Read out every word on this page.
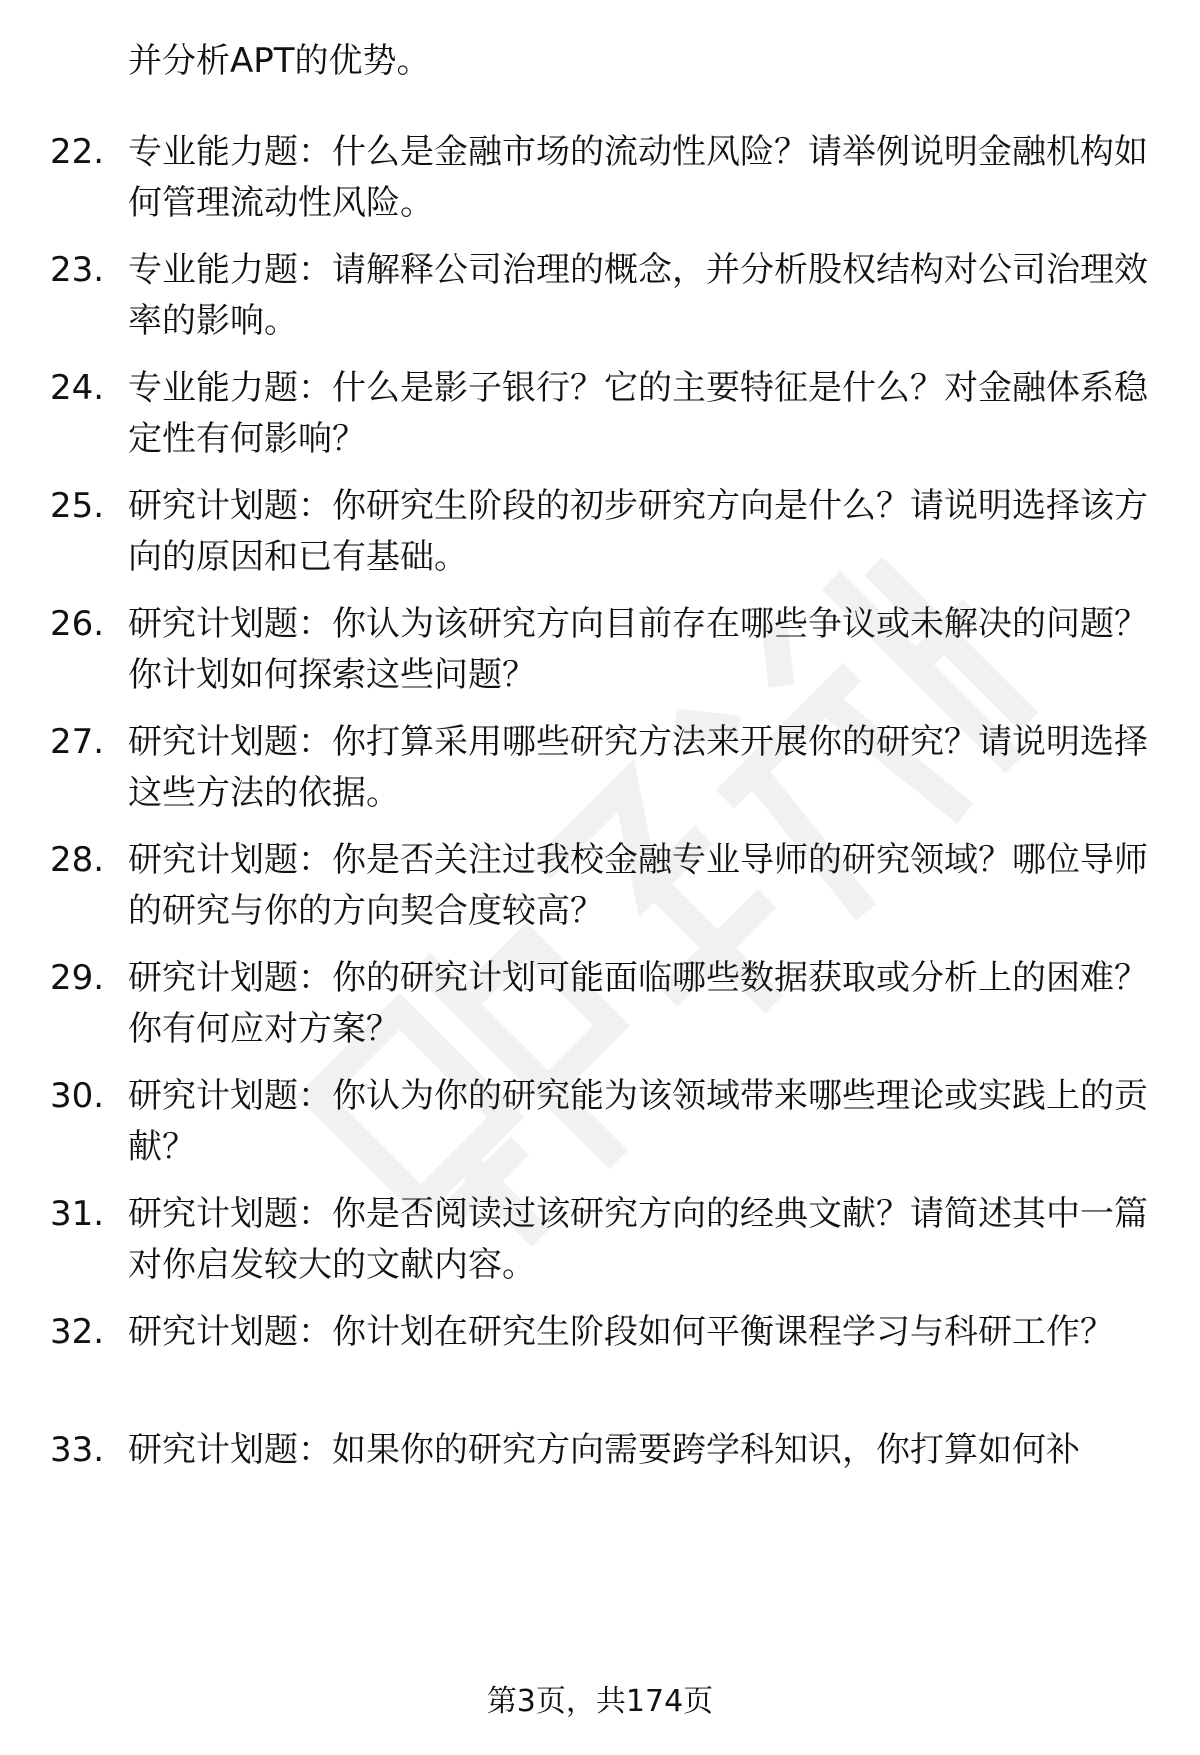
并分析APT的优势。
22. 专业能力题：什么是金融市场的流动性风险？请举例说明金融机构如何管理流动性风险。
23. 专业能力题：请解释公司治理的概念，并分析股权结构对公司治理效率的影响。
24. 专业能力题：什么是影子银行？它的主要特征是什么？对金融体系稳定性有何影响？
25. 研究计划题：你研究生阶段的初步研究方向是什么？请说明选择该方向的原因和已有基础。
26. 研究计划题：你认为该研究方向目前存在哪些争议或未解决的问题？你计划如何探索这些问题？
27. 研究计划题：你打算采用哪些研究方法来开展你的研究？请说明选择这些方法的依据。
28. 研究计划题：你是否关注过我校金融专业导师的研究领域？哪位导师的研究与你的方向契合度较高？
29. 研究计划题：你的研究计划可能面临哪些数据获取或分析上的困难？你有何应对方案？
30. 研究计划题：你认为你的研究能为该领域带来哪些理论或实践上的贡献？
31. 研究计划题：你是否阅读过该研究方向的经典文献？请简述其中一篇对你启发较大的文献内容。
32. 研究计划题：你计划在研究生阶段如何平衡课程学习与科研工作？
33. 研究计划题：如果你的研究方向需要跨学科知识，你打算如何补
第3页，共174页
